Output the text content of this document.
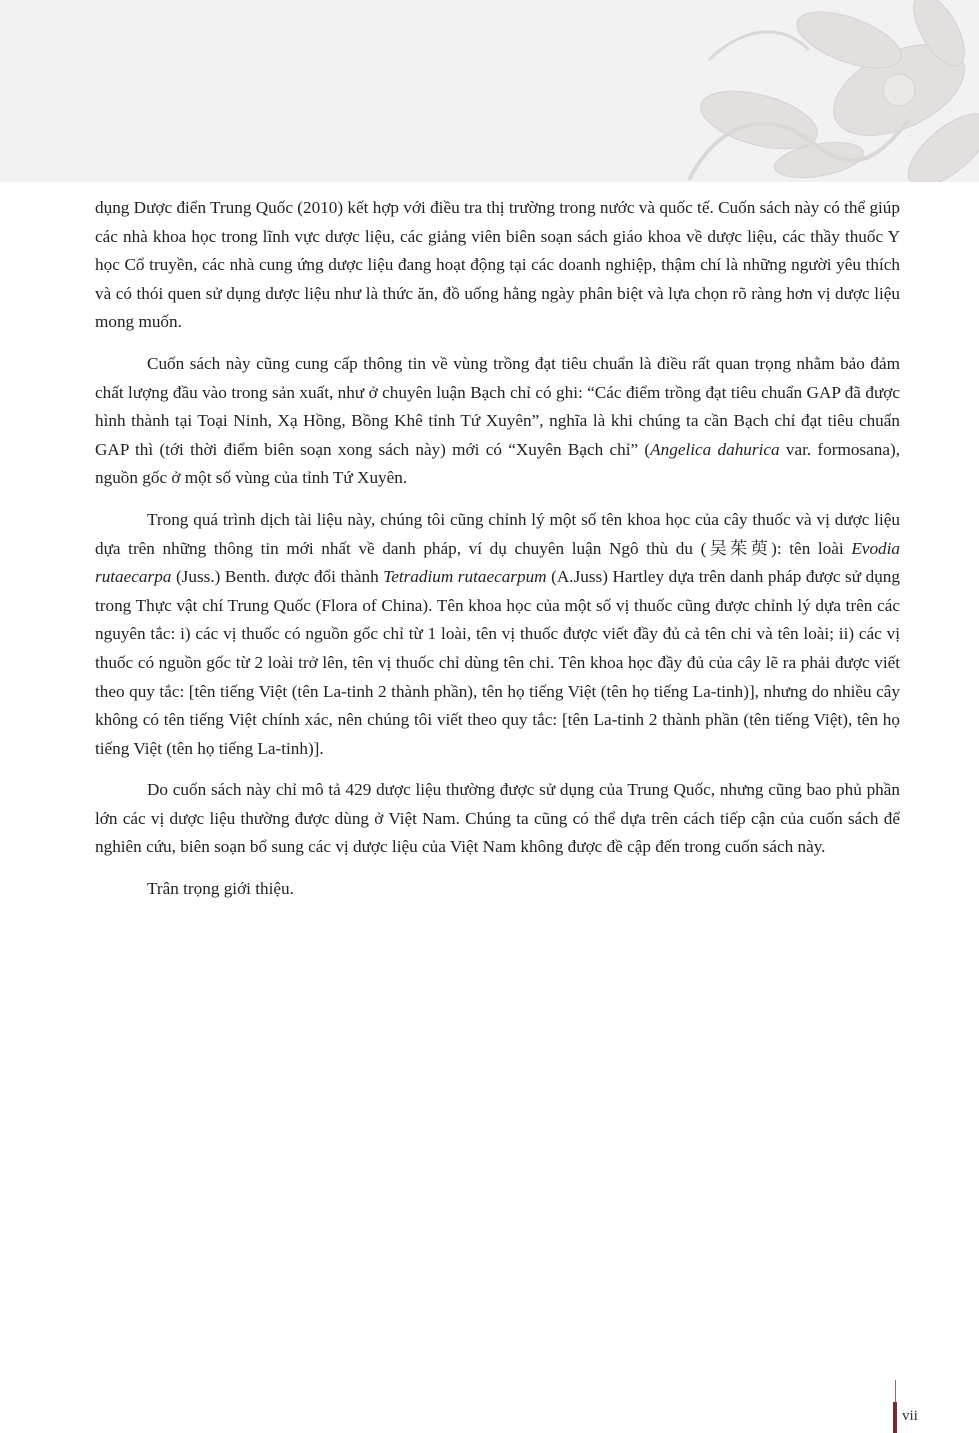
dụng Dược điển Trung Quốc (2010) kết hợp với điều tra thị trường trong nước và quốc tế. Cuốn sách này có thể giúp các nhà khoa học trong lĩnh vực dược liệu, các giảng viên biên soạn sách giáo khoa về dược liệu, các thầy thuốc Y học Cổ truyền, các nhà cung ứng dược liệu đang hoạt động tại các doanh nghiệp, thậm chí là những người yêu thích và có thói quen sử dụng dược liệu như là thức ăn, đồ uống hằng ngày phân biệt và lựa chọn rõ ràng hơn vị dược liệu mong muốn.

Cuốn sách này cũng cung cấp thông tin về vùng trồng đạt tiêu chuẩn là điều rất quan trọng nhằm bảo đảm chất lượng đầu vào trong sản xuất, như ở chuyên luận Bạch chỉ có ghi: “Các điểm trồng đạt tiêu chuẩn GAP đã được hình thành tại Toại Ninh, Xạ Hồng, Bồng Khê tỉnh Tứ Xuyên”, nghĩa là khi chúng ta cần Bạch chỉ đạt tiêu chuẩn GAP thì (tới thời điểm biên soạn xong sách này) mới có “Xuyên Bạch chỉ” (Angelica dahurica var. formosana), nguồn gốc ở một số vùng của tỉnh Tứ Xuyên.

Trong quá trình dịch tài liệu này, chúng tôi cũng chỉnh lý một số tên khoa học của cây thuốc và vị dược liệu dựa trên những thông tin mới nhất về danh pháp, ví dụ chuyên luận Ngô thù du (吴茱萸): tên loài Evodia rutaecarpa (Juss.) Benth. được đổi thành Tetradium rutaecarpum (A.Juss) Hartley dựa trên danh pháp được sử dụng trong Thực vật chí Trung Quốc (Flora of China). Tên khoa học của một số vị thuốc cũng được chỉnh lý dựa trên các nguyên tắc: i) các vị thuốc có nguồn gốc chỉ từ 1 loài, tên vị thuốc được viết đầy đủ cả tên chi và tên loài; ii) các vị thuốc có nguồn gốc từ 2 loài trở lên, tên vị thuốc chỉ dùng tên chi. Tên khoa học đầy đủ của cây lẽ ra phải được viết theo quy tắc: [tên tiếng Việt (tên La-tinh 2 thành phần), tên họ tiếng Việt (tên họ tiếng La-tinh)], nhưng do nhiều cây không có tên tiếng Việt chính xác, nên chúng tôi viết theo quy tắc: [tên La-tinh 2 thành phần (tên tiếng Việt), tên họ tiếng Việt (tên họ tiếng La-tinh)].

Do cuốn sách này chỉ mô tả 429 dược liệu thường được sử dụng của Trung Quốc, nhưng cũng bao phủ phần lớn các vị dược liệu thường được dùng ở Việt Nam. Chúng ta cũng có thể dựa trên cách tiếp cận của cuốn sách để nghiên cứu, biên soạn bổ sung các vị dược liệu của Việt Nam không được đề cập đến trong cuốn sách này.

Trân trọng giới thiệu.

vii
